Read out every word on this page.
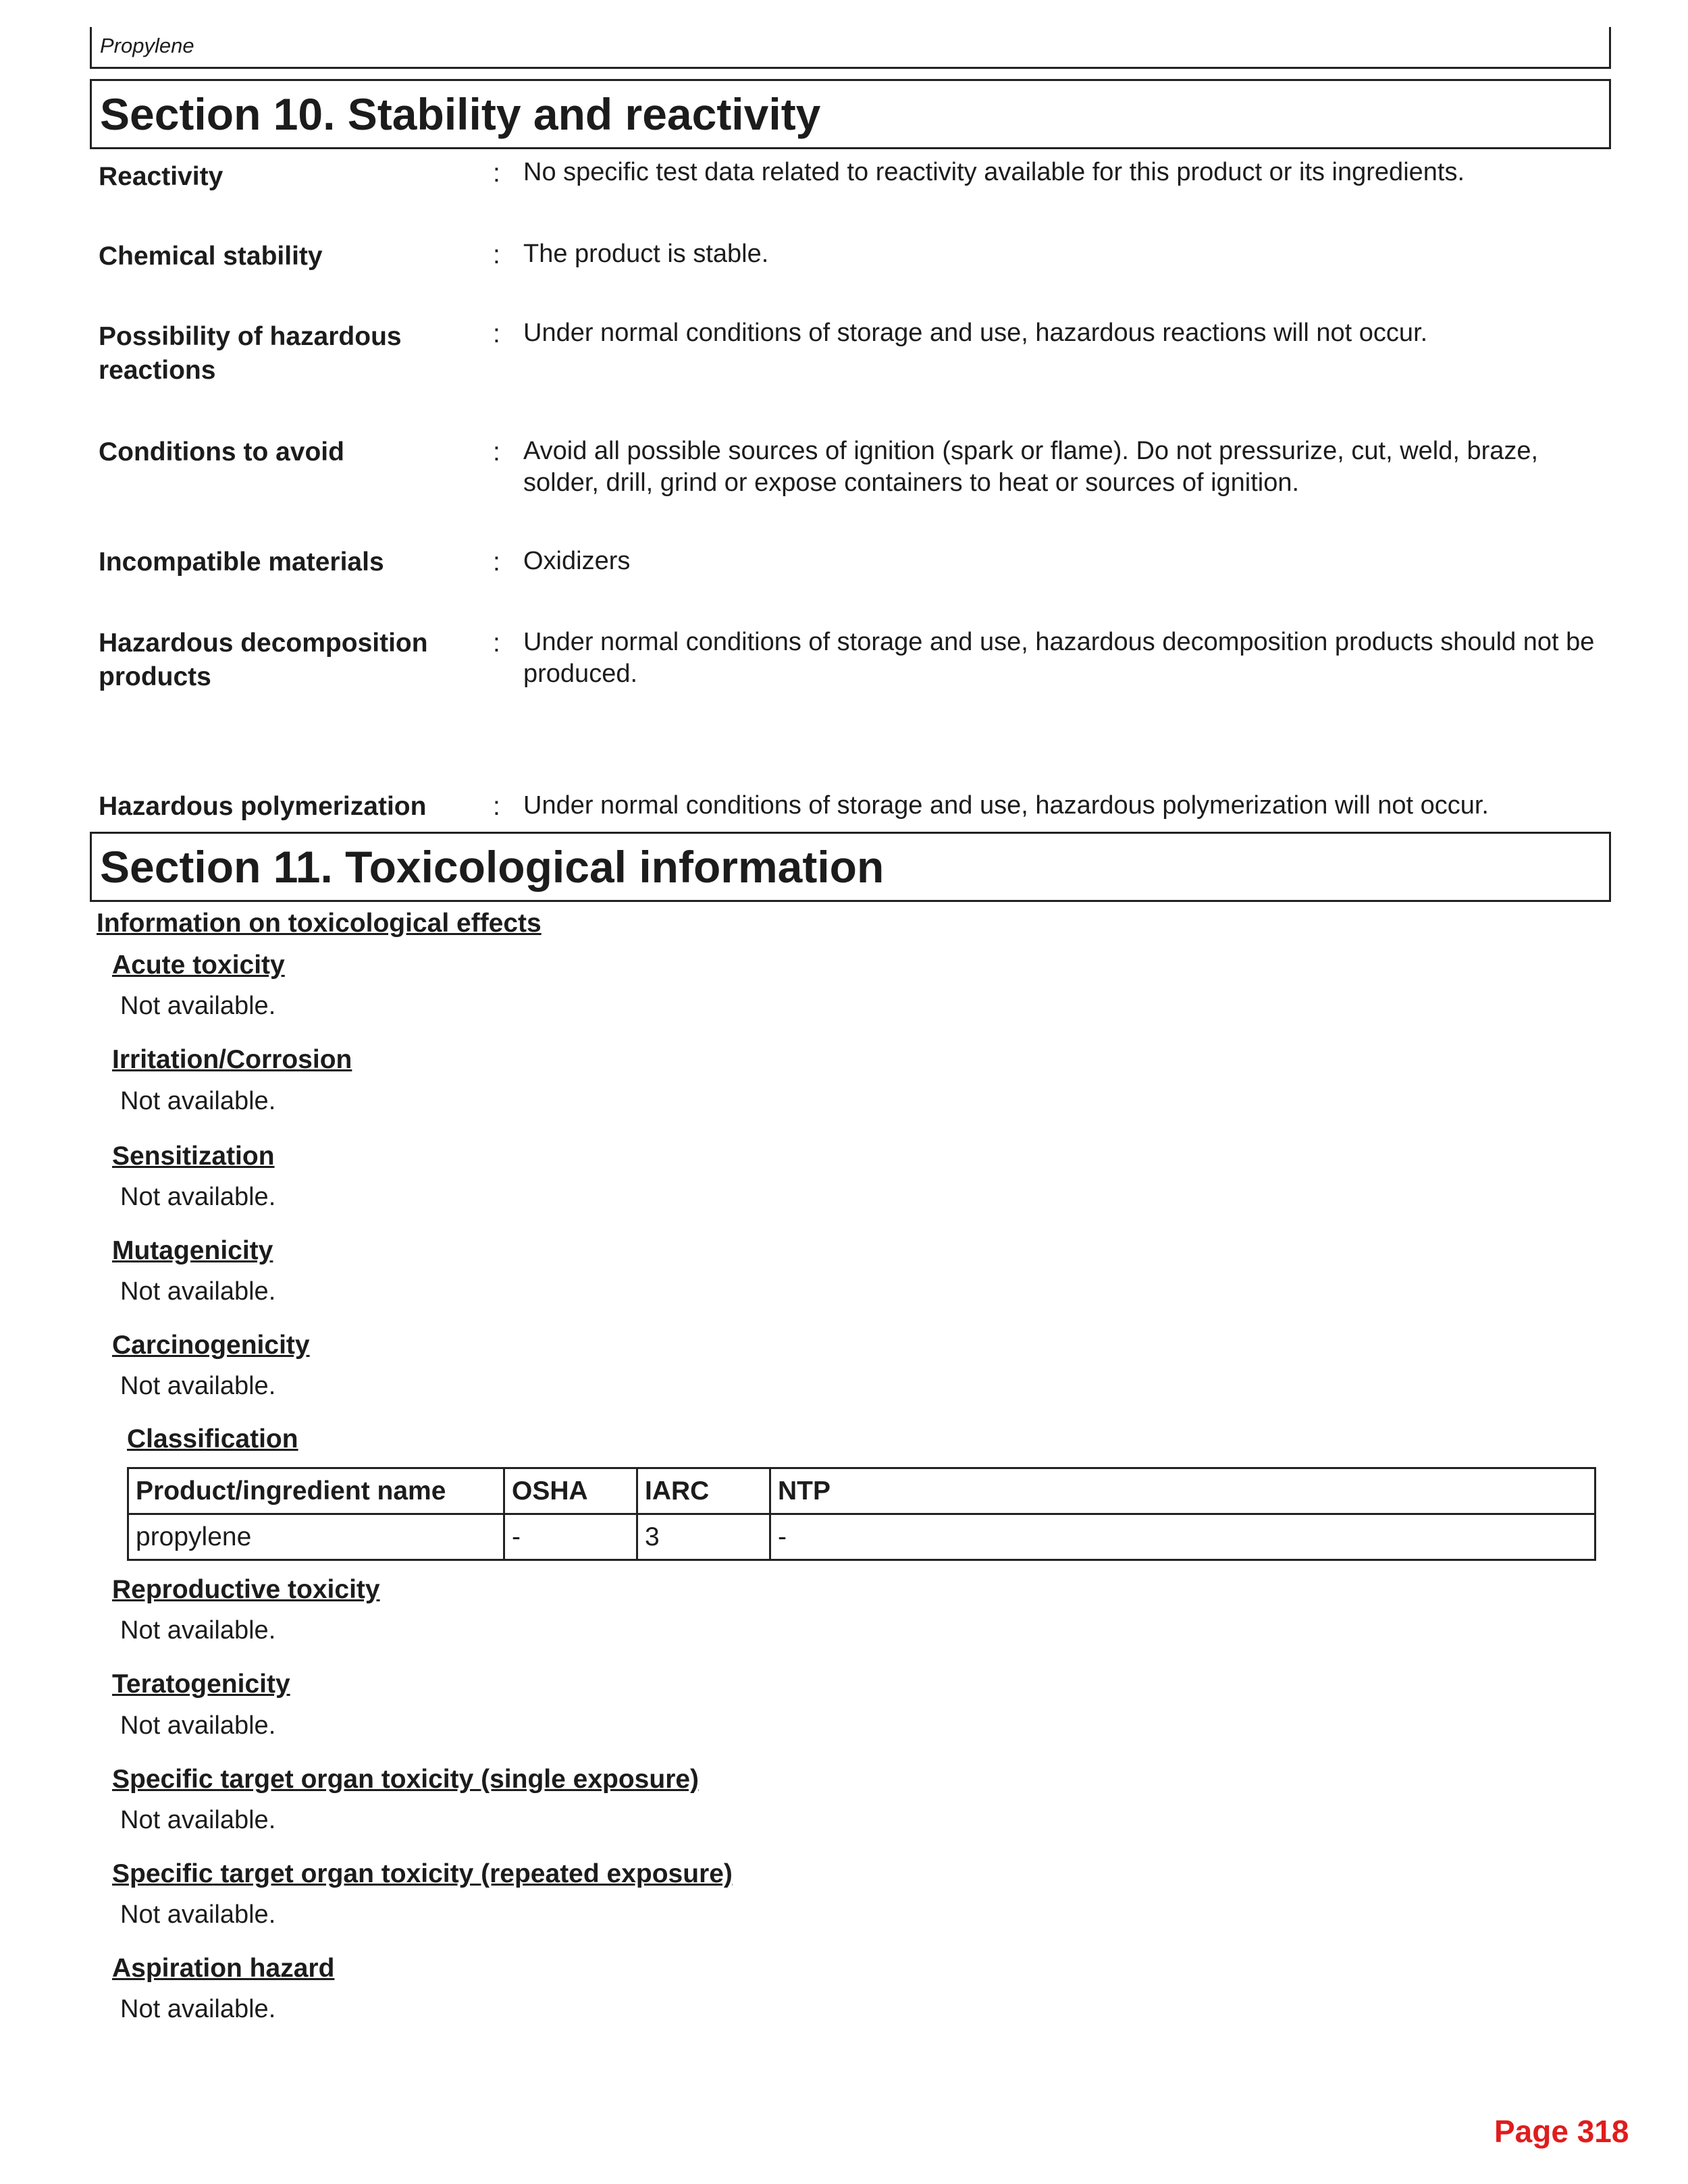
Propylene
Section 10. Stability and reactivity
Reactivity	: No specific test data related to reactivity available for this product or its ingredients.
Chemical stability	: The product is stable.
Possibility of hazardous reactions
: Under normal conditions of storage and use, hazardous reactions will not occur.
Conditions to avoid	: Avoid all possible sources of ignition (spark or flame). Do not pressurize, cut, weld, braze, solder, drill, grind or expose containers to heat or sources of ignition.
Incompatible materials	: Oxidizers
Hazardous decomposition products
: Under normal conditions of storage and use, hazardous decomposition products should not be produced.
Hazardous polymerization	: Under normal conditions of storage and use, hazardous polymerization will not occur.
Section 11. Toxicological information
Information on toxicological effects
Acute toxicity
Not available.
Irritation/Corrosion
Not available.
Sensitization
Not available.
Mutagenicity
Not available.
Carcinogenicity
Not available.
Classification
Product/ingredient name	OSHA	IARC	NTP
propylene	-	3	-
Reproductive toxicity
Not available.
Teratogenicity
Not available.
Specific target organ toxicity (single exposure)
Not available.
Specific target organ toxicity (repeated exposure)
Not available.
Aspiration hazard
Not available.
Page 318
